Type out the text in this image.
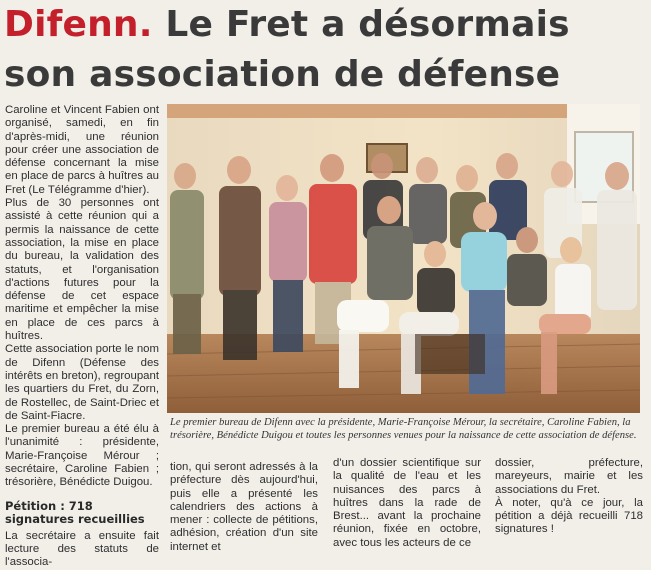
Difenn. Le Fret a désormais son association de défense

Caroline et Vincent Fabien ont organisé, samedi, en fin d'après-midi, une réunion pour créer une association de défense concernant la mise en place de parcs à huîtres au Fret (Le Télégramme d'hier).

Plus de 30 personnes ont assisté à cette réunion qui a permis la naissance de cette association, la mise en place du bureau, la validation des statuts, et l'organisation d'actions futures pour la défense de cet espace maritime et empêcher la mise en place de ces parcs à huîtres.

Cette association porte le nom de Difenn (Défense des intérêts en breton), regroupant les quartiers du Fret, du Zorn, de Rostellec, de Saint-Driec et de Saint-Fiacre.

Le premier bureau a été élu à l'unanimité : présidente, Marie-Françoise Mérour ; secrétaire, Caroline Fabien ; trésorière, Bénédicte Duigou.

Pétition : 718 signatures recueillies

La secrétaire a ensuite fait lecture des statuts de l'associa-

Le premier bureau de Difenn avec la présidente, Marie-Françoise Mérour, la secrétaire, Caroline Fabien, la trésorière, Bénédicte Duigou et toutes les personnes venues pour la naissance de cette association de défense.

tion, qui seront adressés à la préfecture dès aujourd'hui, puis elle a présenté les calendriers des actions à mener : collecte de pétitions, adhésion, création d'un site internet et

d'un dossier scientifique sur la qualité de l'eau et les nuisances des parcs à huîtres dans la rade de Brest... avant la prochaine réunion, fixée en octobre, avec tous les acteurs de ce

dossier, préfecture, mareyeurs, mairie et les associations du Fret.

À noter, qu'à ce jour, la pétition a déjà recueilli 718 signatures !
